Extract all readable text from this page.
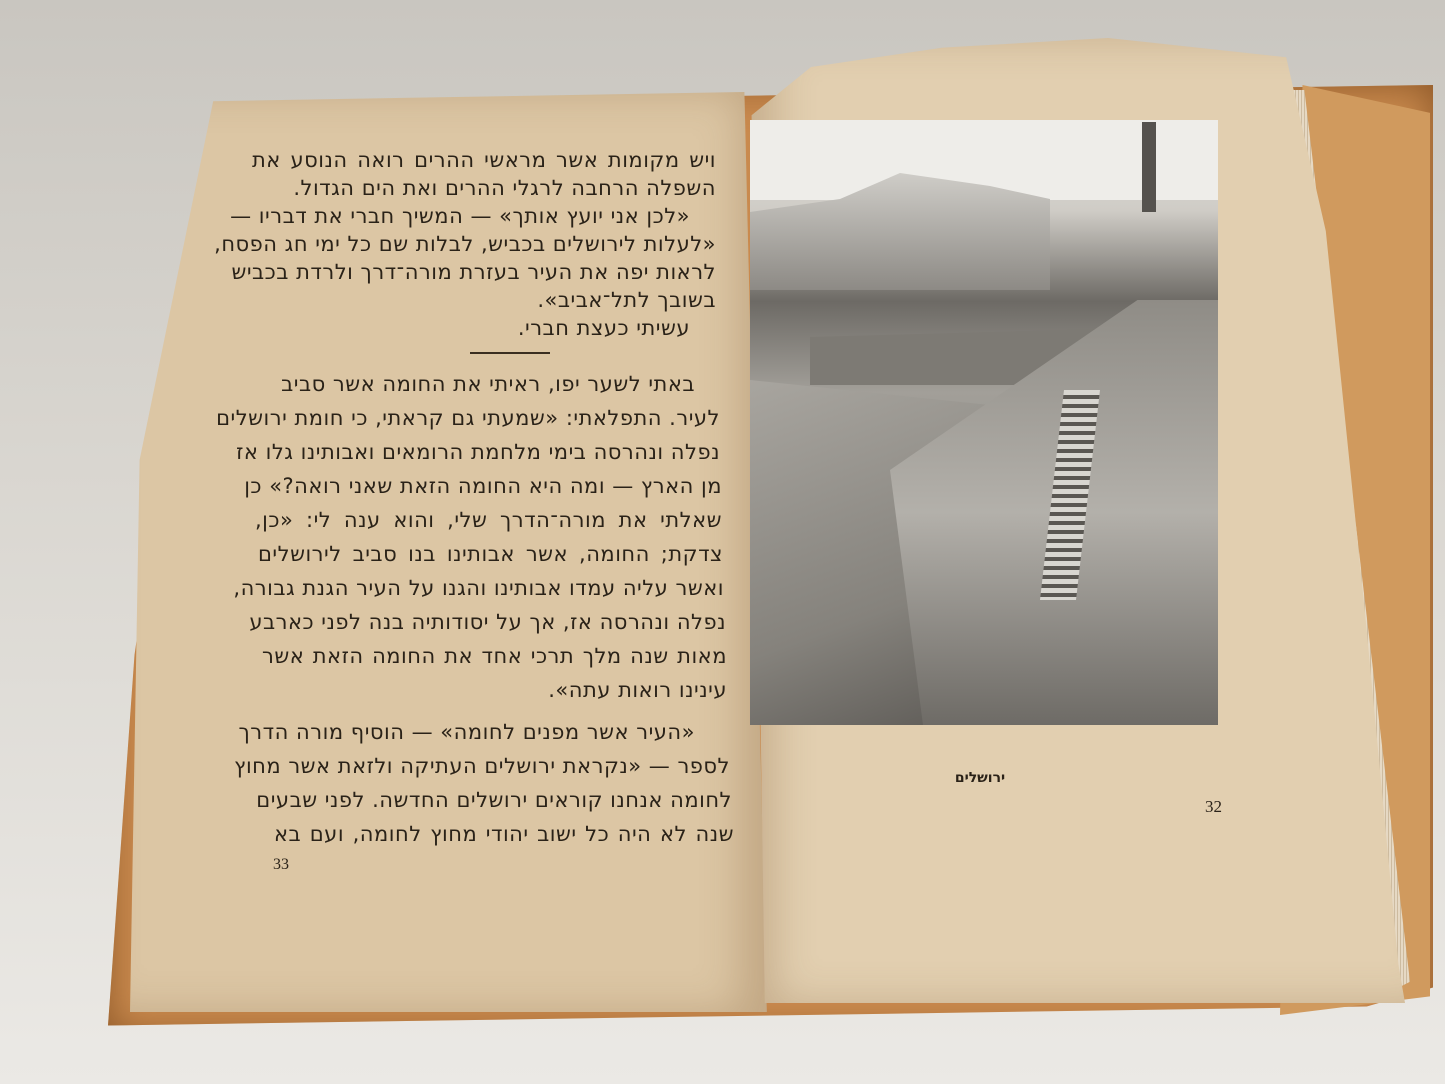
ויש מקומות אשר מראשי ההרים רואה הנוסע את
השפלה הרחבה לרגלי ההרים ואת הים הגדול.
«לכן אני יועץ אותך» — המשיך חברי את דבריו —
«לעלות לירושלים בכביש, לבלות שם כל ימי חג הפסח,
לראות יפה את העיר בעזרת מורה־דרך ולרדת בכביש
בשובך לתל־אביב».
עשיתי כעצת חברי.
באתי לשער יפו, ראיתי את החומה אשר סביב
לעיר. התפלאתי: «שמעתי גם קראתי, כי חומת ירושלים
נפלה ונהרסה בימי מלחמת הרומאים ואבותינו גלו אז
מן הארץ — ומה היא החומה הזאת שאני רואה?» כן
שאלתי את מורה־הדרך שלי, והוא ענה לי: «כן,
צדקת; החומה, אשר אבותינו בנו סביב לירושלים
ואשר עליה עמדו אבותינו והגנו על העיר הגנת גבורה,
נפלה ונהרסה אז, אך על יסודותיה בנה לפני כארבע
מאות שנה מלך תרכי אחד את החומה הזאת אשר
עינינו רואות עתה».
«העיר אשר מפנים לחומה» — הוסיף מורה הדרך
לספר — «נקראת ירושלים העתיקה ולזאת אשר מחוץ
לחומה אנחנו קוראים ירושלים החדשה. לפני שבעים
שנה לא היה כל ישוב יהודי מחוץ לחומה, ועם בא
33
ירושלים
32
